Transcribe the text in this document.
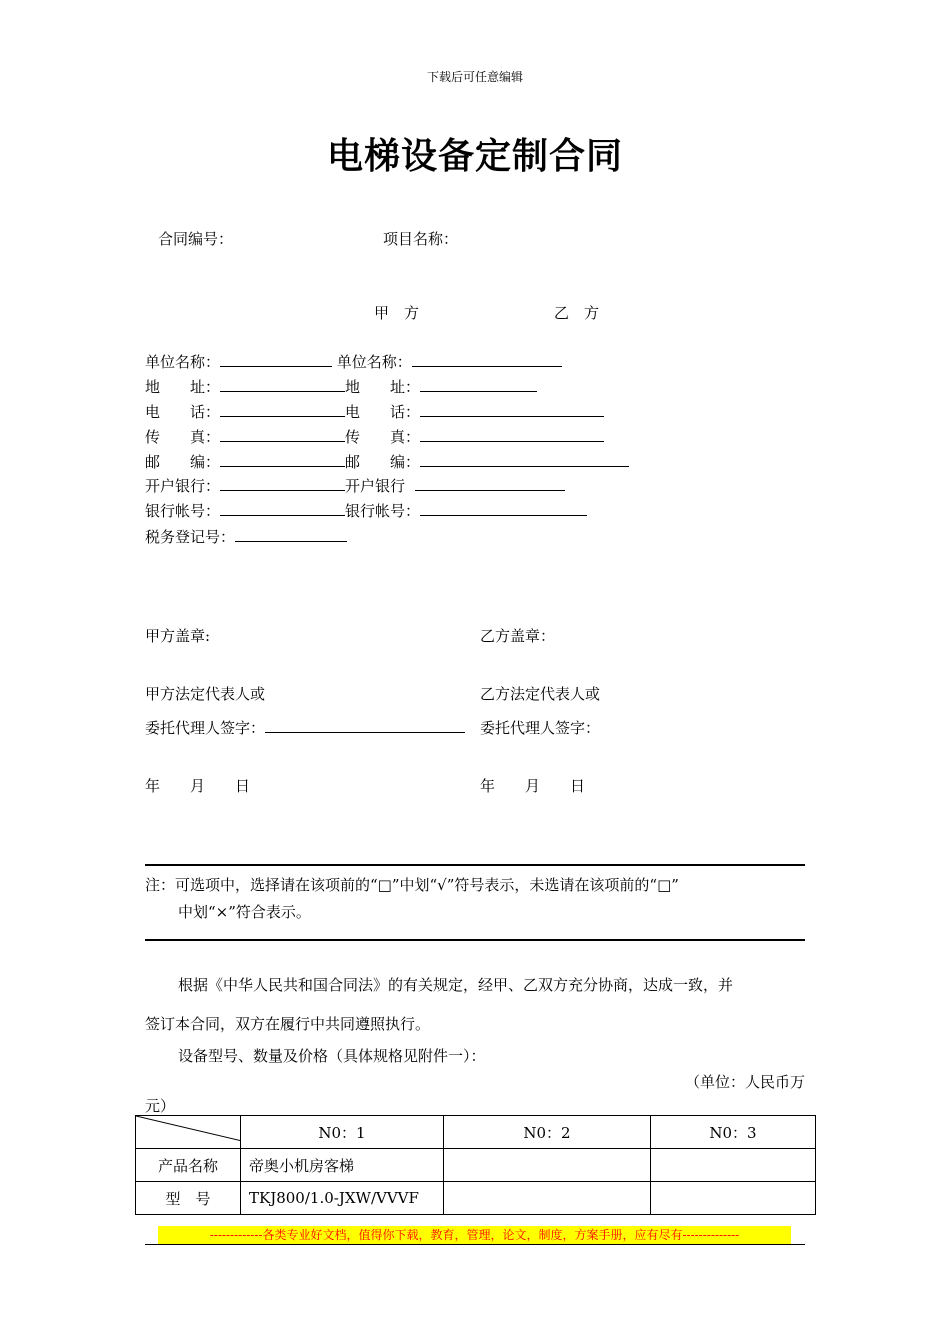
下载后可任意编辑
电梯设备定制合同
合同编号：	项目名称：
甲　方	乙　方
单位名称：	单位名称：
地　　址：	地　　址：
电　　话：	电　　话：
传　　真：	传　　真：
邮　　编：	邮　　编：
开户银行：	开户银行
银行帐号：	银行帐号：
税务登记号：
甲方盖章:	乙方盖章：
甲方法定代表人或	乙方法定代表人或
委托代理人签字：	委托代理人签字：
年 月 日	年 月 日
注：可选项中，选择请在该项前的“□”中划“√”符号表示，未选请在该项前的“□”
中划“×”符合表示。
根据《中华人民共和国合同法》的有关规定，经甲、乙双方充分协商，达成一致，并
签订本合同，双方在履行中共同遵照执行。
设备型号、数量及价格（具体规格见附件一）：
（单位：人民币万
元）
	N0：1	N0：2	N0：3
产品名称	帝奥小机房客梯		
型　号	TKJ800/1.0-JXW/VVVF		
-------------各类专业好文档，值得你下载，教育，管理，论文，制度，方案手册，应有尽有--------------
